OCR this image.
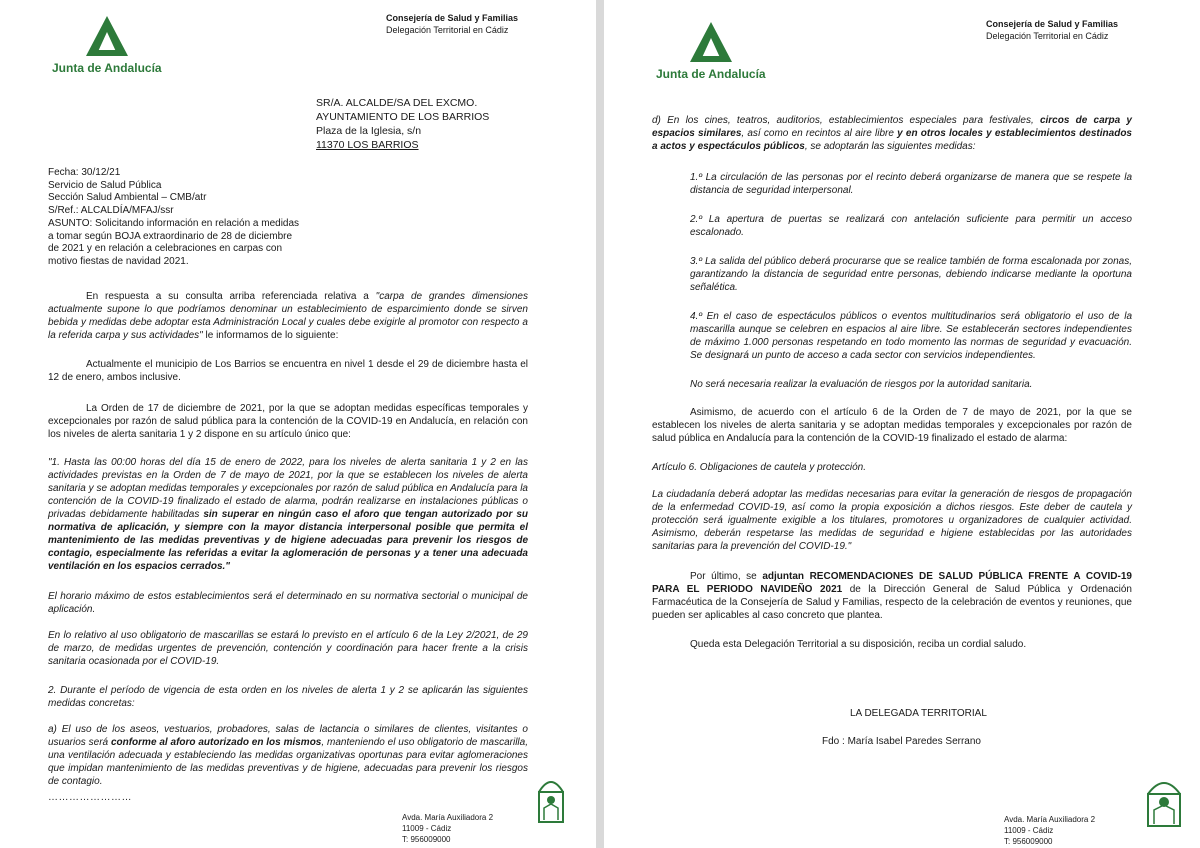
Junta de Andalucía
Consejería de Salud y Familias
Delegación Territorial en Cádiz
SR/A. ALCALDE/SA DEL EXCMO.
AYUNTAMIENTO DE LOS BARRIOS
Plaza de la Iglesia, s/n
11370 LOS BARRIOS
Fecha: 30/12/21
Servicio de Salud Pública
Sección Salud Ambiental – CMB/atr
S/Ref.: ALCALDÍA/MFAJ/ssr
ASUNTO: Solicitando información en relación a medidas
a tomar según BOJA extraordinario de 28 de diciembre
de 2021 y en relación a celebraciones en carpas con
motivo fiestas de navidad 2021.
En respuesta a su consulta arriba referenciada relativa a "carpa de grandes dimensiones actualmente supone lo que podríamos denominar un establecimiento de esparcimiento donde se sirven bebida y medidas debe adoptar esta Administración Local y cuales debe exigirle al promotor con respecto a la referida carpa y sus actividades" le informamos de lo siguiente:
Actualmente el municipio de Los Barrios se encuentra en nivel 1 desde el 29 de diciembre hasta el 12 de enero, ambos inclusive.
La Orden de 17 de diciembre de 2021, por la que se adoptan medidas específicas temporales y excepcionales por razón de salud pública para la contención de la COVID-19 en Andalucía, en relación con los niveles de alerta sanitaria 1 y 2 dispone en su artículo único que:
"1. Hasta las 00:00 horas del día 15 de enero de 2022, para los niveles de alerta sanitaria 1 y 2 en las actividades previstas en la Orden de 7 de mayo de 2021, por la que se establecen los niveles de alerta sanitaria y se adoptan medidas temporales y excepcionales por razón de salud pública en Andalucía para la contención de la COVID-19 finalizado el estado de alarma, podrán realizarse en instalaciones públicas o privadas debidamente habilitadas sin superar en ningún caso el aforo que tengan autorizado por su normativa de aplicación, y siempre con la mayor distancia interpersonal posible que permita el mantenimiento de las medidas preventivas y de higiene adecuadas para prevenir los riesgos de contagio, especialmente las referidas a evitar la aglomeración de personas y a tener una adecuada ventilación en los espacios cerrados."
El horario máximo de estos establecimientos será el determinado en su normativa sectorial o municipal de aplicación.
En lo relativo al uso obligatorio de mascarillas se estará lo previsto en el artículo 6 de la Ley 2/2021, de 29 de marzo, de medidas urgentes de prevención, contención y coordinación para hacer frente a la crisis sanitaria ocasionada por el COVID-19.
2. Durante el período de vigencia de esta orden en los niveles de alerta 1 y 2 se aplicarán las siguientes medidas concretas:
a) El uso de los aseos, vestuarios, probadores, salas de lactancia o similares de clientes, visitantes o usuarios será conforme al aforo autorizado en los mismos, manteniendo el uso obligatorio de mascarilla, una ventilación adecuada y estableciendo las medidas organizativas oportunas para evitar aglomeraciones que impidan mantenimiento de las medidas preventivas y de higiene, adecuadas para prevenir los riesgos de contagio.
……………………
Avda. María Auxiliadora 2
11009 - Cádiz
T: 956009000
Junta de Andalucía
Consejería de Salud y Familias
Delegación Territorial en Cádiz
d) En los cines, teatros, auditorios, establecimientos especiales para festivales, circos de carpa y espacios similares, así como en recintos al aire libre y en otros locales y establecimientos destinados a actos y espectáculos públicos, se adoptarán las siguientes medidas:
1.º La circulación de las personas por el recinto deberá organizarse de manera que se respete la distancia de seguridad interpersonal.
2.º La apertura de puertas se realizará con antelación suficiente para permitir un acceso escalonado.
3.º La salida del público deberá procurarse que se realice también de forma escalonada por zonas, garantizando la distancia de seguridad entre personas, debiendo indicarse mediante la oportuna señalética.
4.º En el caso de espectáculos públicos o eventos multitudinarios será obligatorio el uso de la mascarilla aunque se celebren en espacios al aire libre. Se establecerán sectores independientes de máximo 1.000 personas respetando en todo momento las normas de seguridad y evacuación. Se designará un punto de acceso a cada sector con servicios independientes.
No será necesaria realizar la evaluación de riesgos por la autoridad sanitaria.
Asimismo, de acuerdo con el artículo 6 de la Orden de 7 de mayo de 2021, por la que se establecen los niveles de alerta sanitaria y se adoptan medidas temporales y excepcionales por razón de salud pública en Andalucía para la contención de la COVID-19 finalizado el estado de alarma:
Artículo 6. Obligaciones de cautela y protección.
La ciudadanía deberá adoptar las medidas necesarias para evitar la generación de riesgos de propagación de la enfermedad COVID-19, así como la propia exposición a dichos riesgos. Este deber de cautela y protección será igualmente exigible a los titulares, promotores u organizadores de cualquier actividad. Asimismo, deberán respetarse las medidas de seguridad e higiene establecidas por las autoridades sanitarias para la prevención del COVID-19."
Por último, se adjuntan RECOMENDACIONES DE SALUD PÚBLICA FRENTE A COVID-19 PARA EL PERIODO NAVIDEÑO 2021 de la Dirección General de Salud Pública y Ordenación Farmacéutica de la Consejería de Salud y Familias, respecto de la celebración de eventos y reuniones, que pueden ser aplicables al caso concreto que plantea.
Queda esta Delegación Territorial a su disposición, reciba un cordial saludo.
LA DELEGADA TERRITORIAL
Fdo : María Isabel Paredes Serrano
Avda. María Auxiliadora 2
11009 - Cádiz
T: 956009000
